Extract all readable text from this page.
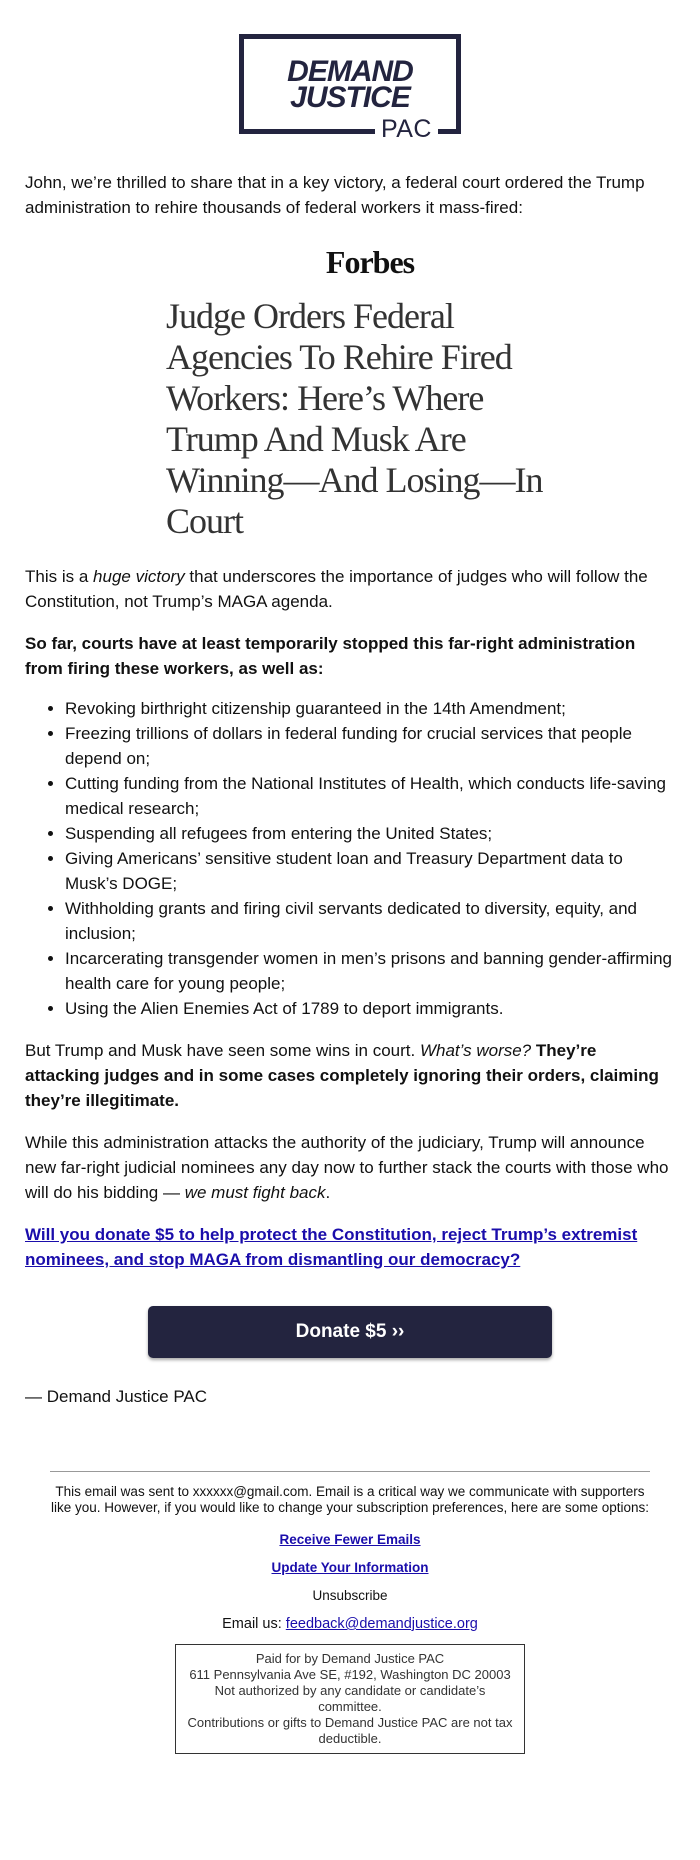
DEMAND
JUSTICE
PAC

John, we’re thrilled to share that in a key victory, a federal court ordered the Trump administration to rehire thousands of federal workers it mass-fired:

Forbes
Judge Orders Federal Agencies To Rehire Fired Workers: Here’s Where Trump And Musk Are Winning—And Losing—In Court

This is a huge victory that underscores the importance of judges who will follow the Constitution, not Trump’s MAGA agenda.

So far, courts have at least temporarily stopped this far-right administration from firing these workers, as well as:

• Revoking birthright citizenship guaranteed in the 14th Amendment;
• Freezing trillions of dollars in federal funding for crucial services that people depend on;
• Cutting funding from the National Institutes of Health, which conducts life-saving medical research;
• Suspending all refugees from entering the United States;
• Giving Americans’ sensitive student loan and Treasury Department data to Musk’s DOGE;
• Withholding grants and firing civil servants dedicated to diversity, equity, and inclusion;
• Incarcerating transgender women in men’s prisons and banning gender-affirming health care for young people;
• Using the Alien Enemies Act of 1789 to deport immigrants.

But Trump and Musk have seen some wins in court. What’s worse? They’re attacking judges and in some cases completely ignoring their orders, claiming they’re illegitimate.

While this administration attacks the authority of the judiciary, Trump will announce new far-right judicial nominees any day now to further stack the courts with those who will do his bidding — we must fight back.

Will you donate $5 to help protect the Constitution, reject Trump’s extremist nominees, and stop MAGA from dismantling our democracy?
Donate $5 ››

— Demand Justice PAC

This email was sent to xxxxxx@gmail.com. Email is a critical way we communicate with supporters like you. However, if you would like to change your subscription preferences, here are some options:

Receive Fewer Emails
Update Your Information

Unsubscribe

Email us: feedback@demandjustice.org

Paid for by Demand Justice PAC
611 Pennsylvania Ave SE, #192, Washington DC 20003
Not authorized by any candidate or candidate’s committee.
Contributions or gifts to Demand Justice PAC are not tax deductible.
